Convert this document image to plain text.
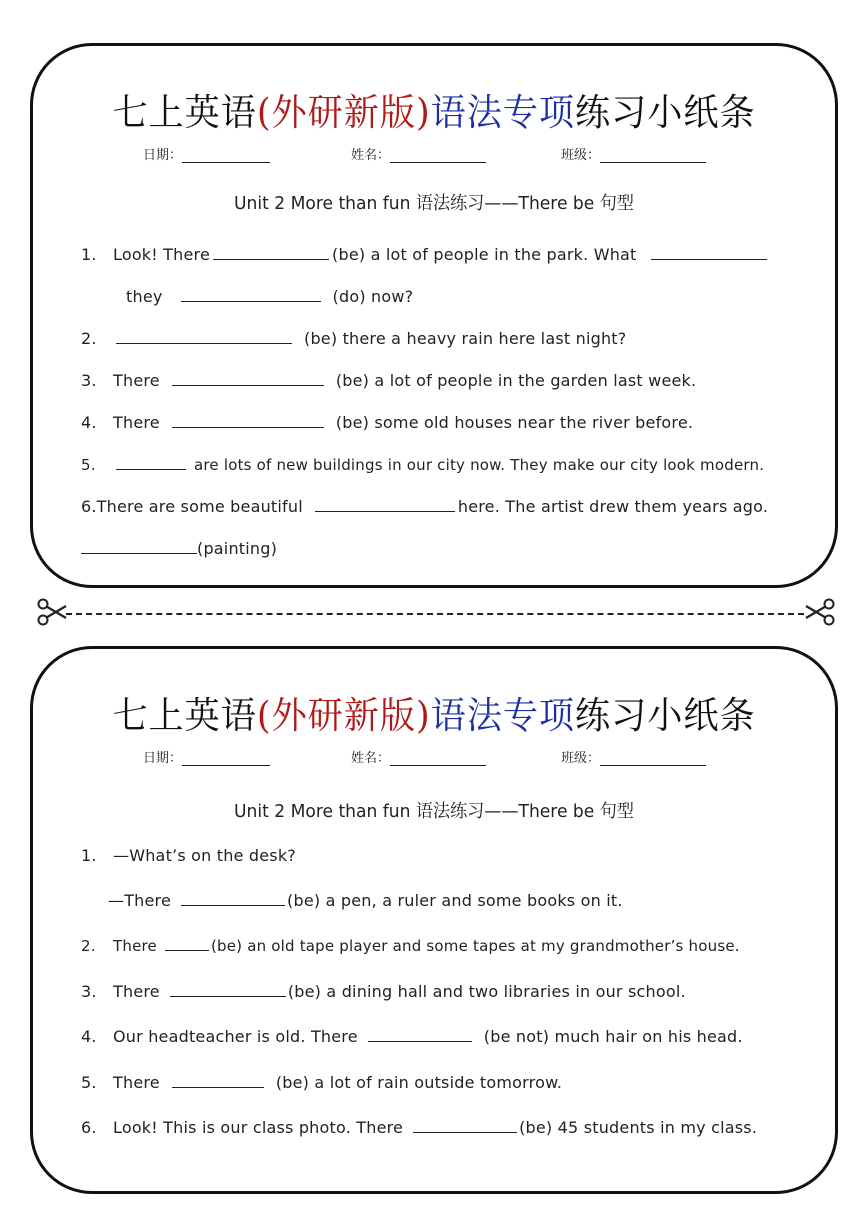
七上英语(外研新版)语法专项练习小纸条
日期：	姓名：	班级：
Unit 2 More than fun 语法练习——There be 句型
1. Look! There	(be) a lot of people in the park. What
they	(do) now?
2.	(be) there a heavy rain here last night?
3. There	(be) a lot of people in the garden last week.
4. There	(be) some old houses near the river before.
5.	are lots of new buildings in our city now. They make our city look modern.
6.There are some beautiful	here. The artist drew them years ago.
(painting)
七上英语(外研新版)语法专项练习小纸条
日期：	姓名：	班级：
Unit 2 More than fun 语法练习——There be 句型
1. —What’s on the desk?
—There	(be) a pen, a ruler and some books on it.
2. There	(be) an old tape player and some tapes at my grandmother’s house.
3. There	(be) a dining hall and two libraries in our school.
4. Our headteacher is old. There	(be not) much hair on his head.
5. There	(be) a lot of rain outside tomorrow.
6. Look! This is our class photo. There	(be) 45 students in my class.
